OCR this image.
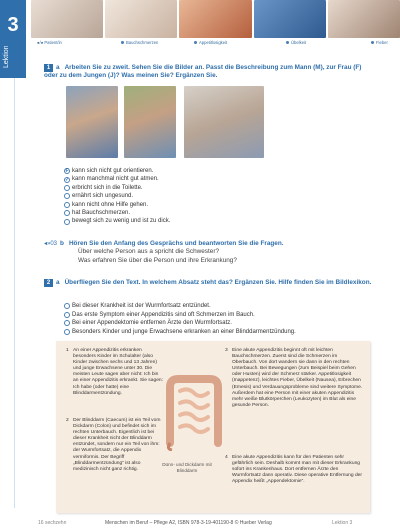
●/● Patient/in	Bauchschmerzen	Appetitlosigkeit	Übelkeit	Fieber
3
Lektion	1 a Arbeiten Sie zu zweit. Sehen Sie die Bilder an. Passt die Beschreibung zum Mann (M), zur Frau (F) oder zu dem Jungen (J)? Was meinen Sie? Ergänzen Sie.
F kann sich nicht gut orientieren.
✓ kann manchmal nicht gut atmen.
erbricht sich in die Toilette.
ernährt sich ungesund.
kann nicht ohne Hilfe gehen.
hat Bauchschmerzen.
bewegt sich zu wenig und ist zu dick.
◂»03 b Hören Sie den Anfang des Gesprächs und beantworten Sie die Fragen.
Über welche Person aus a spricht die Schwester?
Was erfahren Sie über die Person und ihre Erkrankung?
2 a Überfliegen Sie den Text. In welchem Absatz steht das? Ergänzen Sie. Hilfe finden Sie im Bildlexikon.
Bei dieser Krankheit ist der Wurmfortsatz entzündet.
Das erste Symptom einer Appendizitis sind oft Schmerzen im Bauch.
Bei einer Appendektomie entfernen Ärzte den Wurmfortsatz.
Besonders Kinder und junge Erwachsene erkranken an einer Blinddarmentzündung.
1 An einer Appendizitis erkranken besonders Kinder im Schulalter (also Kinder zwischen sechs und 13 Jahren) und junge Erwachsene unter 30. Die meisten Leute sagen aber nicht: Ich bin an einer Appendizitis erkrankt. Sie sagen: Ich habe (oder hatte) eine Blinddarmentzündung.
2 Der Blinddarm (Caecum) ist ein Teil vom Dickdarm (Colon) und befindet sich im rechten Unterbauch. Eigentlich ist bei dieser Krankheit nicht der Blinddarm entzündet, sondern nur ein Teil von ihm: der Wurmfortsatz, die Appendix vermiformis. Der Begriff „Blinddarmentzündung“ ist also medizinisch nicht ganz richtig.
3 Eine akute Appendizitis beginnt oft mit leichten Bauchschmerzen. Zuerst sind die Schmerzen im Oberbauch. Von dort wandern sie dann in den rechten Unterbauch. Bei Bewegungen (zum Beispiel beim Gehen oder Husten) wird der Schmerz stärker. Appetitlosigkeit (Inappetenz), leichtes Fieber, Übelkeit (Nausea), Erbrechen (Emesis) und Verdauungsprobleme sind weitere Symptome. Außerdem hat eine Person mit einer akuten Appendizitis mehr weiße Blutkörperchen (Leukozyten) im Blut als eine gesunde Person.
4 Eine akute Appendizitis kann für den Patienten sehr gefährlich sein. Deshalb kommt man mit dieser Erkrankung sofort ins Krankenhaus. Dort entfernen Ärzte den Wurmfortsatz dann operativ. Diese operative Entfernung der Appendix heißt „Appendektomie“.
Dünn- und Dickdarm mit Blinddarm
16 sechzehn	Menschen im Beruf – Pflege A2, ISBN 978-3-19-401190-8 © Hueber Verlag	Lektion 3
